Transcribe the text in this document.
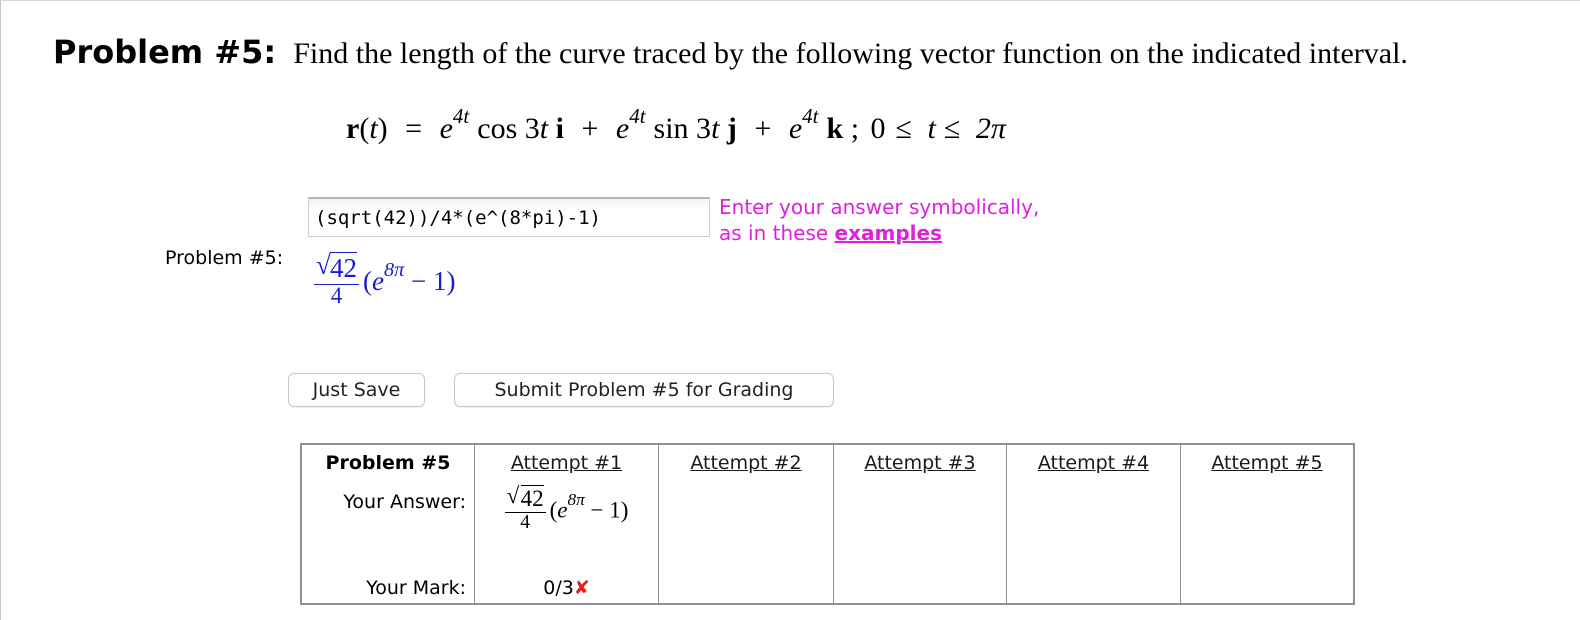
Problem #5: Find the length of the curve traced by the following vector function on the indicated interval.
$r(t) = e^{4t}$ cos 3t $i + e^{4t}$ sin 3t $j + e^{4t}$ k ; 0 ≤ t ≤ 2π
Problem #5:
(sqrt(42))/4*(e^(8*pi)-1)
Enter your answer symbolically,
as in these examples
$\frac{√ 42}{4} (e^{8\pi} - 1)$
Just Save	Submit Problem #5 for Grading
Problem #5	Attempt #1	Attempt #2	Attempt #3	Attempt #4	Attempt #5
Your Answer:	$\frac{√ 42}{4} (e^{8\pi} - 1)$				
Your Mark:	0/3✘				
